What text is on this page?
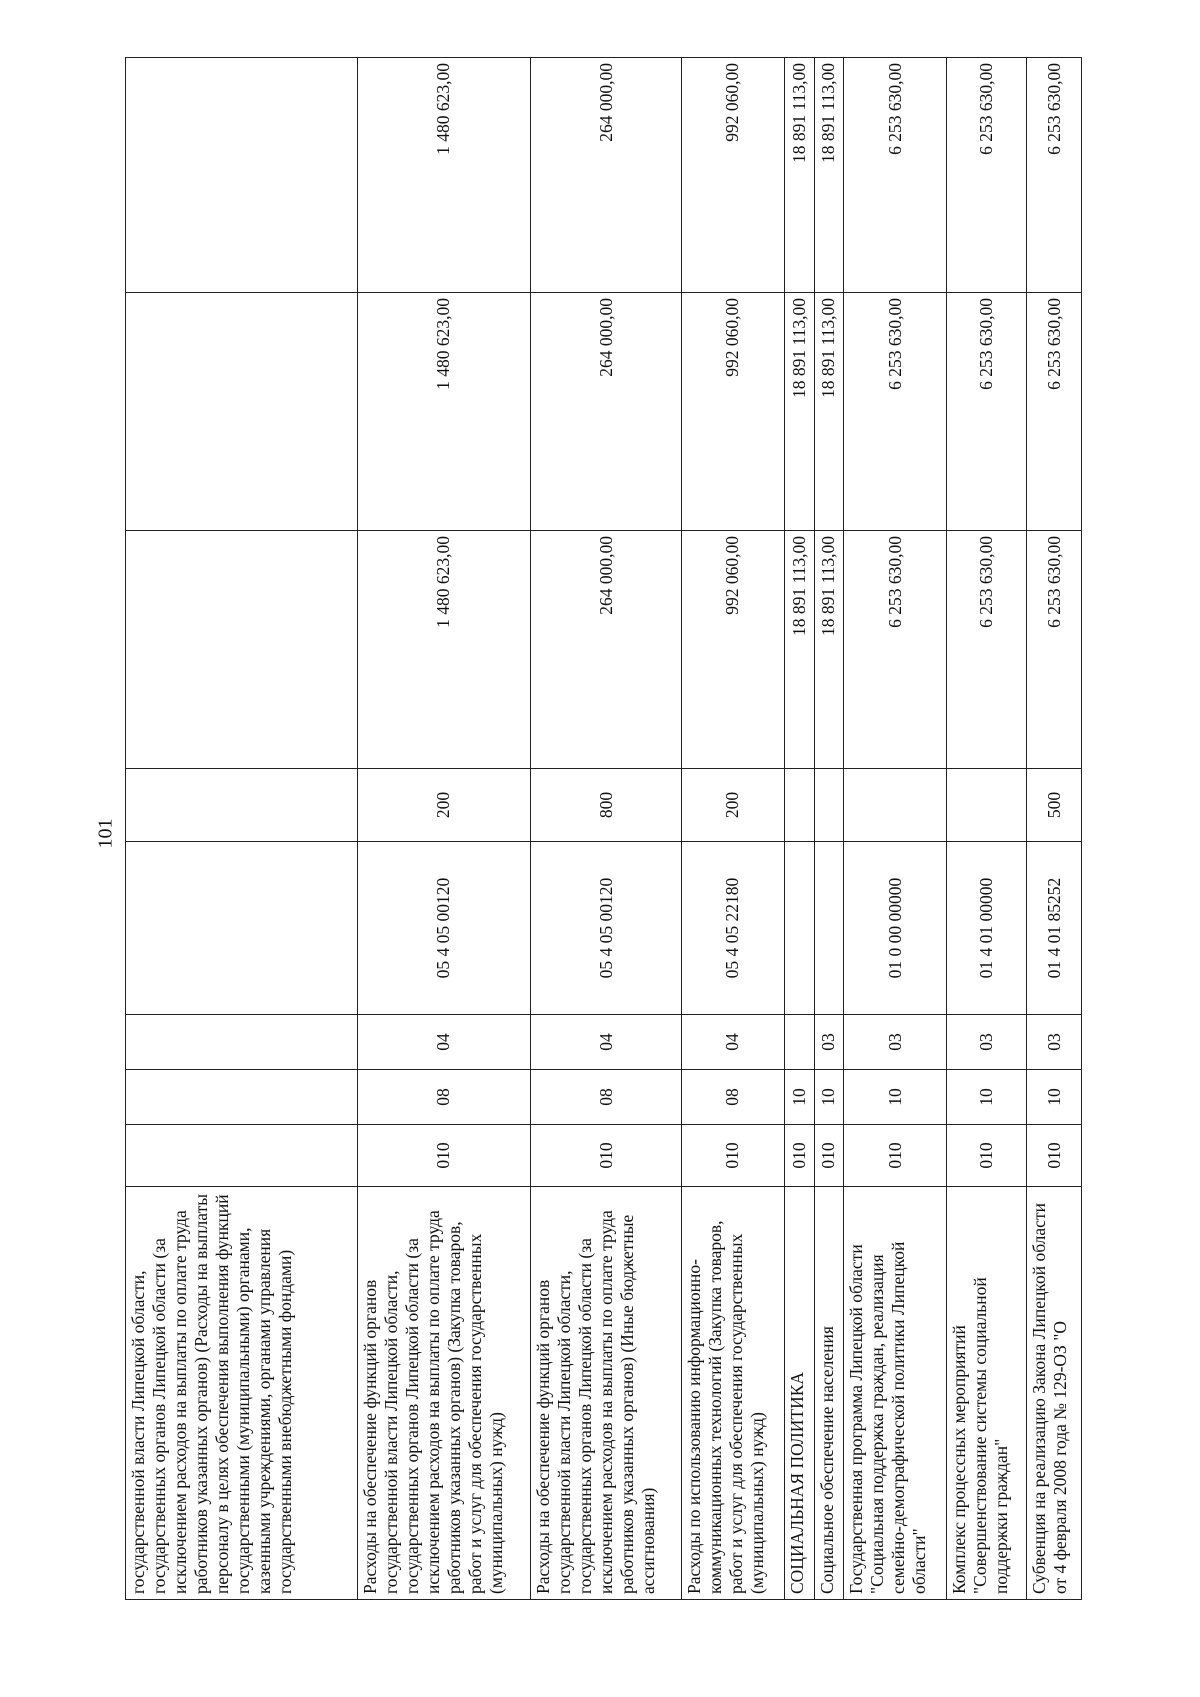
101
государственной власти Липецкой области, государственных органов Липецкой области (за исключением расходов на выплаты по оплате труда работников указанных органов) (Расходы на выплаты персоналу в целях обеспечения выполнения функций государственными (муниципальными) органами, казенными учреждениями, органами управления государственными внебюджетными фондами)								
Расходы на обеспечение функций органов государственной власти Липецкой области, государственных органов Липецкой области (за исключением расходов на выплаты по оплате труда работников указанных органов) (Закупка товаров, работ и услуг для обеспечения государственных (муниципальных) нужд)	010	08	04	05 4 05 00120	200	1 480 623,00	1 480 623,00	1 480 623,00
Расходы на обеспечение функций органов государственной власти Липецкой области, государственных органов Липецкой области (за исключением расходов на выплаты по оплате труда работников указанных органов) (Иные бюджетные ассигнования)	010	08	04	05 4 05 00120	800	264 000,00	264 000,00	264 000,00
Расходы по использованию информационно-коммуникационных технологий (Закупка товаров, работ и услуг для обеспечения государственных (муниципальных) нужд)	010	08	04	05 4 05 22180	200	992 060,00	992 060,00	992 060,00
СОЦИАЛЬНАЯ ПОЛИТИКА	010	10				18 891 113,00	18 891 113,00	18 891 113,00
Социальное обеспечение населения	010	10	03			18 891 113,00	18 891 113,00	18 891 113,00
Государственная программа Липецкой области "Социальная поддержка граждан, реализация семейно-демографической политики Липецкой области"	010	10	03	01 0 00 00000		6 253 630,00	6 253 630,00	6 253 630,00
Комплекс процессных мероприятий "Совершенствование системы социальной поддержки граждан"	010	10	03	01 4 01 00000		6 253 630,00	6 253 630,00	6 253 630,00
Субвенция на реализацию Закона Липецкой области от 4 февраля 2008 года № 129-ОЗ "О	010	10	03	01 4 01 85252	500	6 253 630,00	6 253 630,00	6 253 630,00
